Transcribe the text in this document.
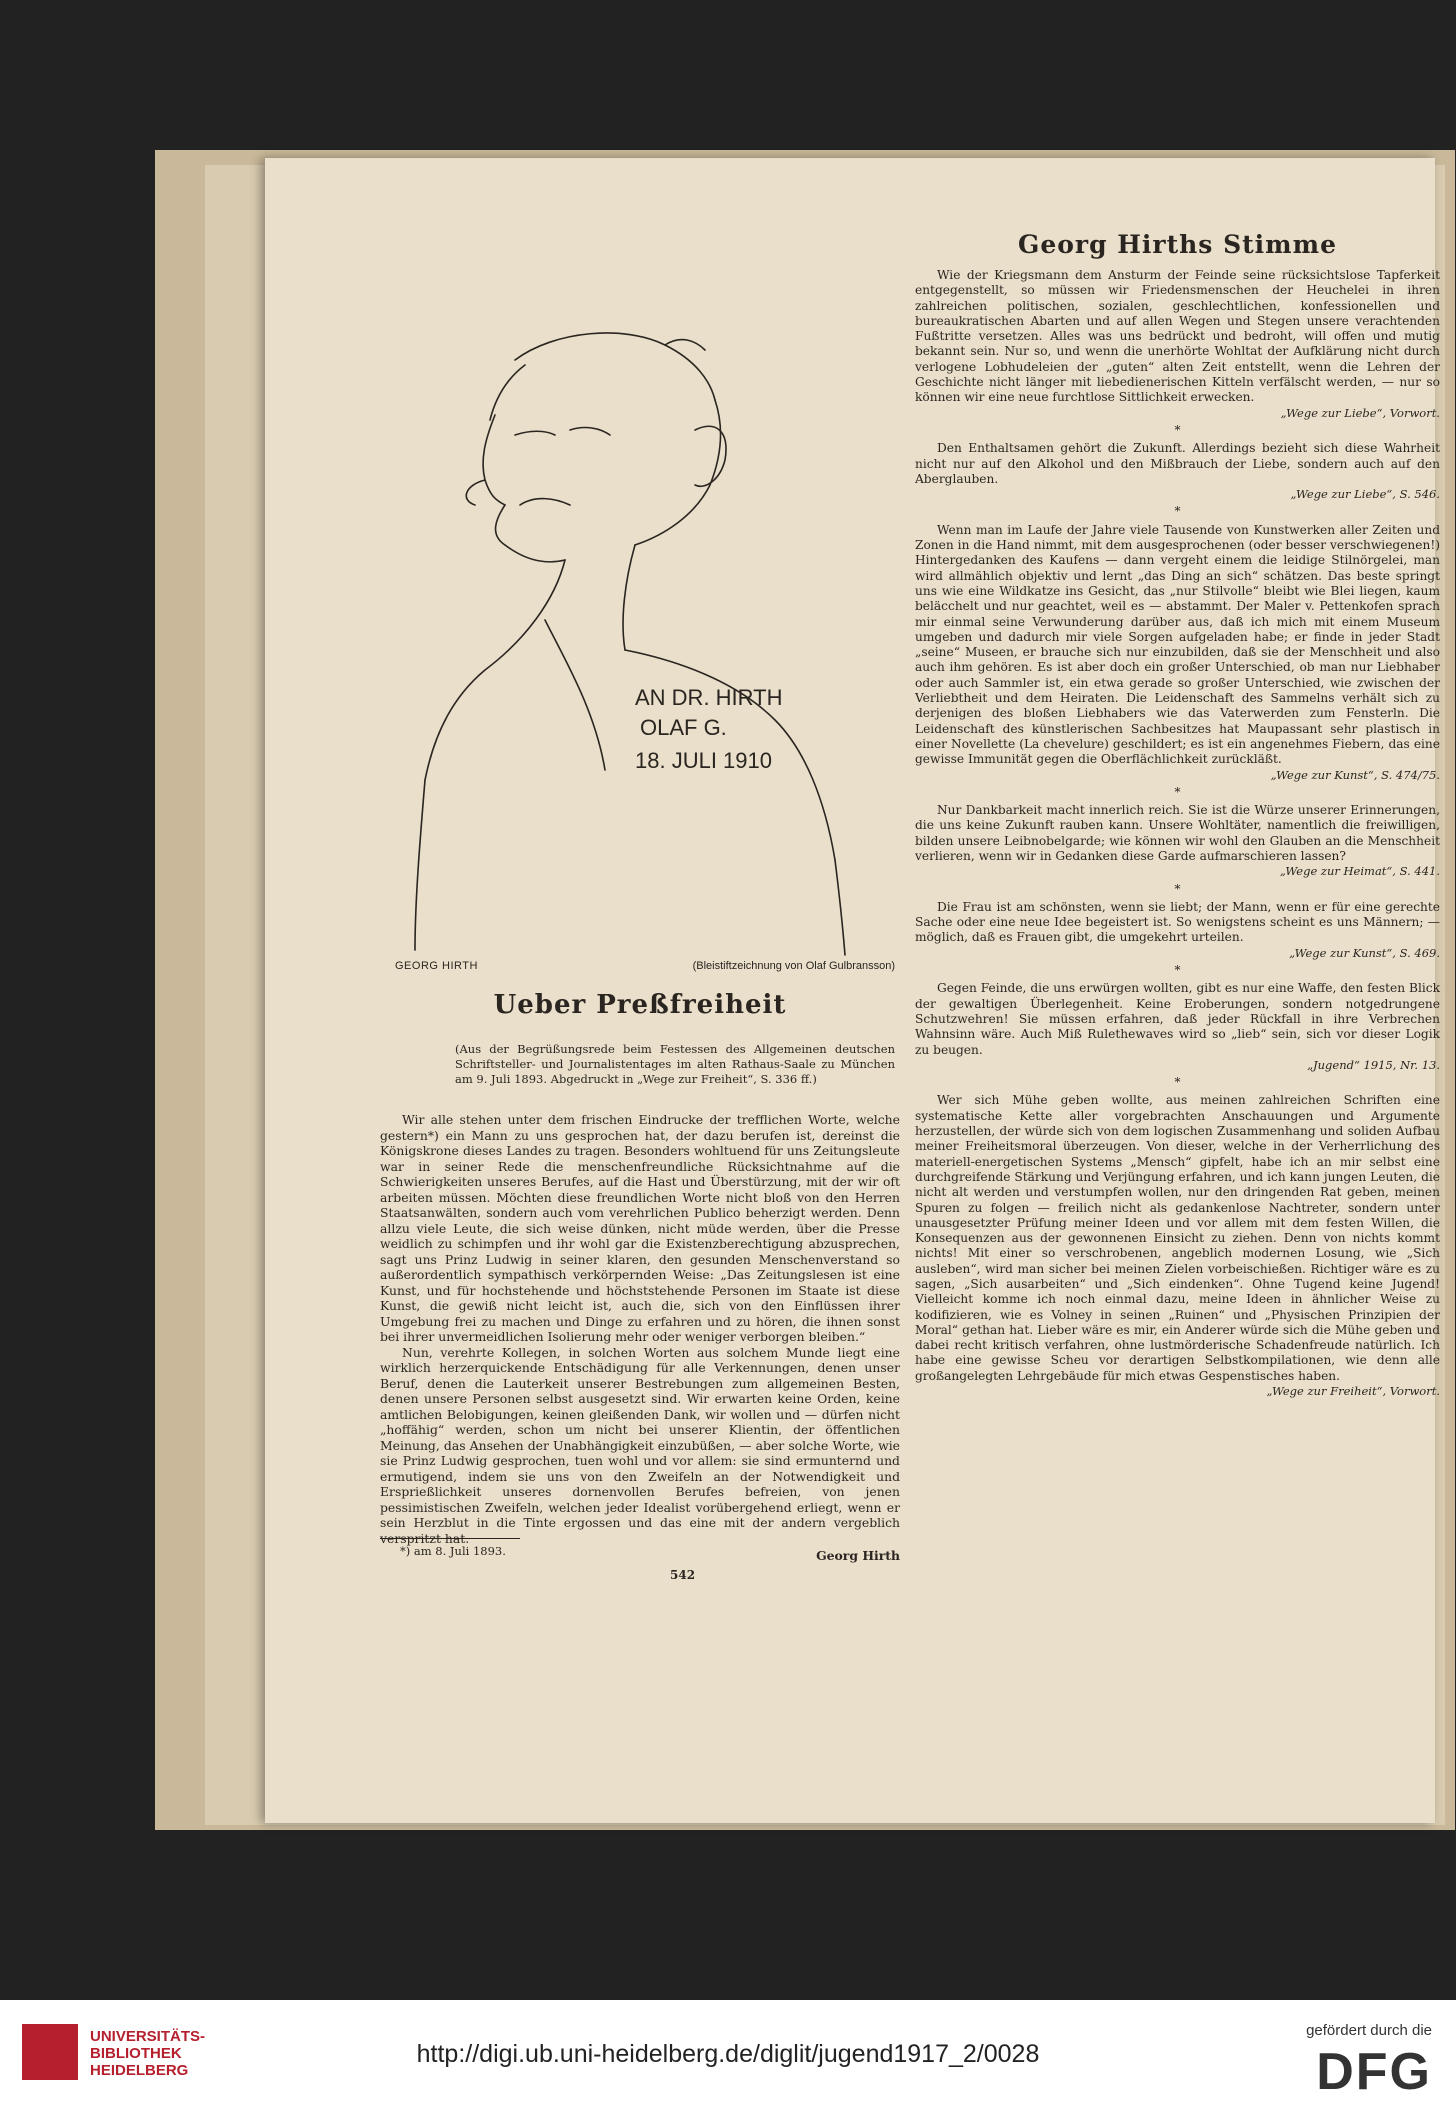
AN DR. HIRTH
OLAF G.
18. JULI 1910
GEORG HIRTH	(Bleistiftzeichnung von Olaf Gulbransson)
Ueber Preßfreiheit
(Aus der Begrüßungsrede beim Festessen des Allgemeinen deutschen Schriftsteller- und Journalistentages im alten Rathaus-Saale zu München am 9. Juli 1893. Abgedruckt in „Wege zur Freiheit“, S. 336 ff.)

Wir alle stehen unter dem frischen Eindrucke der trefflichen Worte, welche gestern*) ein Mann zu uns gesprochen hat, der dazu berufen ist, dereinst die Königskrone dieses Landes zu tragen. Besonders wohltuend für uns Zeitungsleute war in seiner Rede die menschenfreundliche Rücksichtnahme auf die Schwierigkeiten unseres Berufes, auf die Hast und Überstürzung, mit der wir oft arbeiten müssen. Möchten diese freundlichen Worte nicht bloß von den Herren Staatsanwälten, sondern auch vom verehrlichen Publico beherzigt werden. Denn allzu viele Leute, die sich weise dünken, nicht müde werden, über die Presse weidlich zu schimpfen und ihr wohl gar die Existenzberechtigung abzusprechen, sagt uns Prinz Ludwig in seiner klaren, den gesunden Menschenverstand so außerordentlich sympathisch verkörpernden Weise: „Das Zeitungslesen ist eine Kunst, und für hochstehende und höchststehende Personen im Staate ist diese Kunst, die gewiß nicht leicht ist, auch die, sich von den Einflüssen ihrer Umgebung frei zu machen und Dinge zu erfahren und zu hören, die ihnen sonst bei ihrer unvermeidlichen Isolierung mehr oder weniger verborgen bleiben.“

Nun, verehrte Kollegen, in solchen Worten aus solchem Munde liegt eine wirklich herzerquickende Entschädigung für alle Verkennungen, denen unser Beruf, denen die Lauterkeit unserer Bestrebungen zum allgemeinen Besten, denen unsere Personen selbst ausgesetzt sind. Wir erwarten keine Orden, keine amtlichen Belobigungen, keinen gleißenden Dank, wir wollen und — dürfen nicht „hoffähig“ werden, schon um nicht bei unserer Klientin, der öffentlichen Meinung, das Ansehen der Unabhängigkeit einzubüßen, — aber solche Worte, wie sie Prinz Ludwig gesprochen, tuen wohl und vor allem: sie sind ermunternd und ermutigend, indem sie uns von den Zweifeln an der Notwendigkeit und Ersprießlichkeit unseres dornenvollen Berufes befreien, von jenen pessimistischen Zweifeln, welchen jeder Idealist vorübergehend erliegt, wenn er sein Herzblut in die Tinte ergossen und das eine mit der andern vergeblich verspritzt hat.

Georg Hirth
*) am 8. Juli 1893.
Georg Hirths Stimme

Wie der Kriegsmann dem Ansturm der Feinde seine rücksichtslose Tapferkeit entgegenstellt, so müssen wir Friedensmenschen der Heuchelei in ihren zahlreichen politischen, sozialen, geschlechtlichen, konfessionellen und bureaukratischen Abarten und auf allen Wegen und Stegen unsere verachtenden Fußtritte versetzen. Alles was uns bedrückt und bedroht, will offen und mutig bekannt sein. Nur so, und wenn die unerhörte Wohltat der Aufklärung nicht durch verlogene Lobhudeleien der „guten“ alten Zeit entstellt, wenn die Lehren der Geschichte nicht länger mit liebedienerischen Kitteln verfälscht werden, — nur so können wir eine neue furchtlose Sittlichkeit erwecken.

„Wege zur Liebe“, Vorwort.
*

Den Enthaltsamen gehört die Zukunft. Allerdings bezieht sich diese Wahrheit nicht nur auf den Alkohol und den Mißbrauch der Liebe, sondern auch auf den Aberglauben.

„Wege zur Liebe“, S. 546.
*

Wenn man im Laufe der Jahre viele Tausende von Kunstwerken aller Zeiten und Zonen in die Hand nimmt, mit dem ausgesprochenen (oder besser verschwiegenen!) Hintergedanken des Kaufens — dann vergeht einem die leidige Stilnörgelei, man wird allmählich objektiv und lernt „das Ding an sich“ schätzen. Das beste springt uns wie eine Wildkatze ins Gesicht, das „nur Stilvolle“ bleibt wie Blei liegen, kaum beläcchelt und nur geachtet, weil es — abstammt. Der Maler v. Pettenkofen sprach mir einmal seine Verwunderung darüber aus, daß ich mich mit einem Museum umgeben und dadurch mir viele Sorgen aufgeladen habe; er finde in jeder Stadt „seine“ Museen, er brauche sich nur einzubilden, daß sie der Menschheit und also auch ihm gehören. Es ist aber doch ein großer Unterschied, ob man nur Liebhaber oder auch Sammler ist, ein etwa gerade so großer Unterschied, wie zwischen der Verliebtheit und dem Heiraten. Die Leidenschaft des Sammelns verhält sich zu derjenigen des bloßen Liebhabers wie das Vaterwerden zum Fensterln. Die Leidenschaft des künstlerischen Sachbesitzes hat Maupassant sehr plastisch in einer Novellette (La chevelure) geschildert; es ist ein angenehmes Fiebern, das eine gewisse Immunität gegen die Oberflächlichkeit zurückläßt.

„Wege zur Kunst“, S. 474/75.
*

Nur Dankbarkeit macht innerlich reich. Sie ist die Würze unserer Erinnerungen, die uns keine Zukunft rauben kann. Unsere Wohltäter, namentlich die freiwilligen, bilden unsere Leibnobelgarde; wie können wir wohl den Glauben an die Menschheit verlieren, wenn wir in Gedanken diese Garde aufmarschieren lassen?

„Wege zur Heimat“, S. 441.
*

Die Frau ist am schönsten, wenn sie liebt; der Mann, wenn er für eine gerechte Sache oder eine neue Idee begeistert ist. So wenigstens scheint es uns Männern; — möglich, daß es Frauen gibt, die umgekehrt urteilen.

„Wege zur Kunst“, S. 469.
*

Gegen Feinde, die uns erwürgen wollten, gibt es nur eine Waffe, den festen Blick der gewaltigen Überlegenheit. Keine Eroberungen, sondern notgedrungene Schutzwehren! Sie müssen erfahren, daß jeder Rückfall in ihre Verbrechen Wahnsinn wäre. Auch Miß Rulethewaves wird so „lieb“ sein, sich vor dieser Logik zu beugen.

„Jugend“ 1915, Nr. 13.
*

Wer sich Mühe geben wollte, aus meinen zahlreichen Schriften eine systematische Kette aller vorgebrachten Anschauungen und Argumente herzustellen, der würde sich von dem logischen Zusammenhang und soliden Aufbau meiner Freiheitsmoral überzeugen. Von dieser, welche in der Verherrlichung des materiell-energetischen Systems „Mensch“ gipfelt, habe ich an mir selbst eine durchgreifende Stärkung und Verjüngung erfahren, und ich kann jungen Leuten, die nicht alt werden und verstumpfen wollen, nur den dringenden Rat geben, meinen Spuren zu folgen — freilich nicht als gedankenlose Nachtreter, sondern unter unausgesetzter Prüfung meiner Ideen und vor allem mit dem festen Willen, die Konsequenzen aus der gewonnenen Einsicht zu ziehen. Denn von nichts kommt nichts! Mit einer so verschrobenen, angeblich modernen Losung, wie „Sich ausleben“, wird man sicher bei meinen Zielen vorbeischießen. Richtiger wäre es zu sagen, „Sich ausarbeiten“ und „Sich eindenken“. Ohne Tugend keine Jugend! Vielleicht komme ich noch einmal dazu, meine Ideen in ähnlicher Weise zu kodifizieren, wie es Volney in seinen „Ruinen“ und „Physischen Prinzipien der Moral“ gethan hat. Lieber wäre es mir, ein Anderer würde sich die Mühe geben und dabei recht kritisch verfahren, ohne lustmörderische Schadenfreude natürlich. Ich habe eine gewisse Scheu vor derartigen Selbstkompilationen, wie denn alle großangelegten Lehrgebäude für mich etwas Gespenstisches haben.

„Wege zur Freiheit“, Vorwort.
542
UNIVERSITÄTS-
BIBLIOTHEK
HEIDELBERG
http://digi.ub.uni-heidelberg.de/diglit/jugend1917_2/0028
gefördert durch die
DFG
